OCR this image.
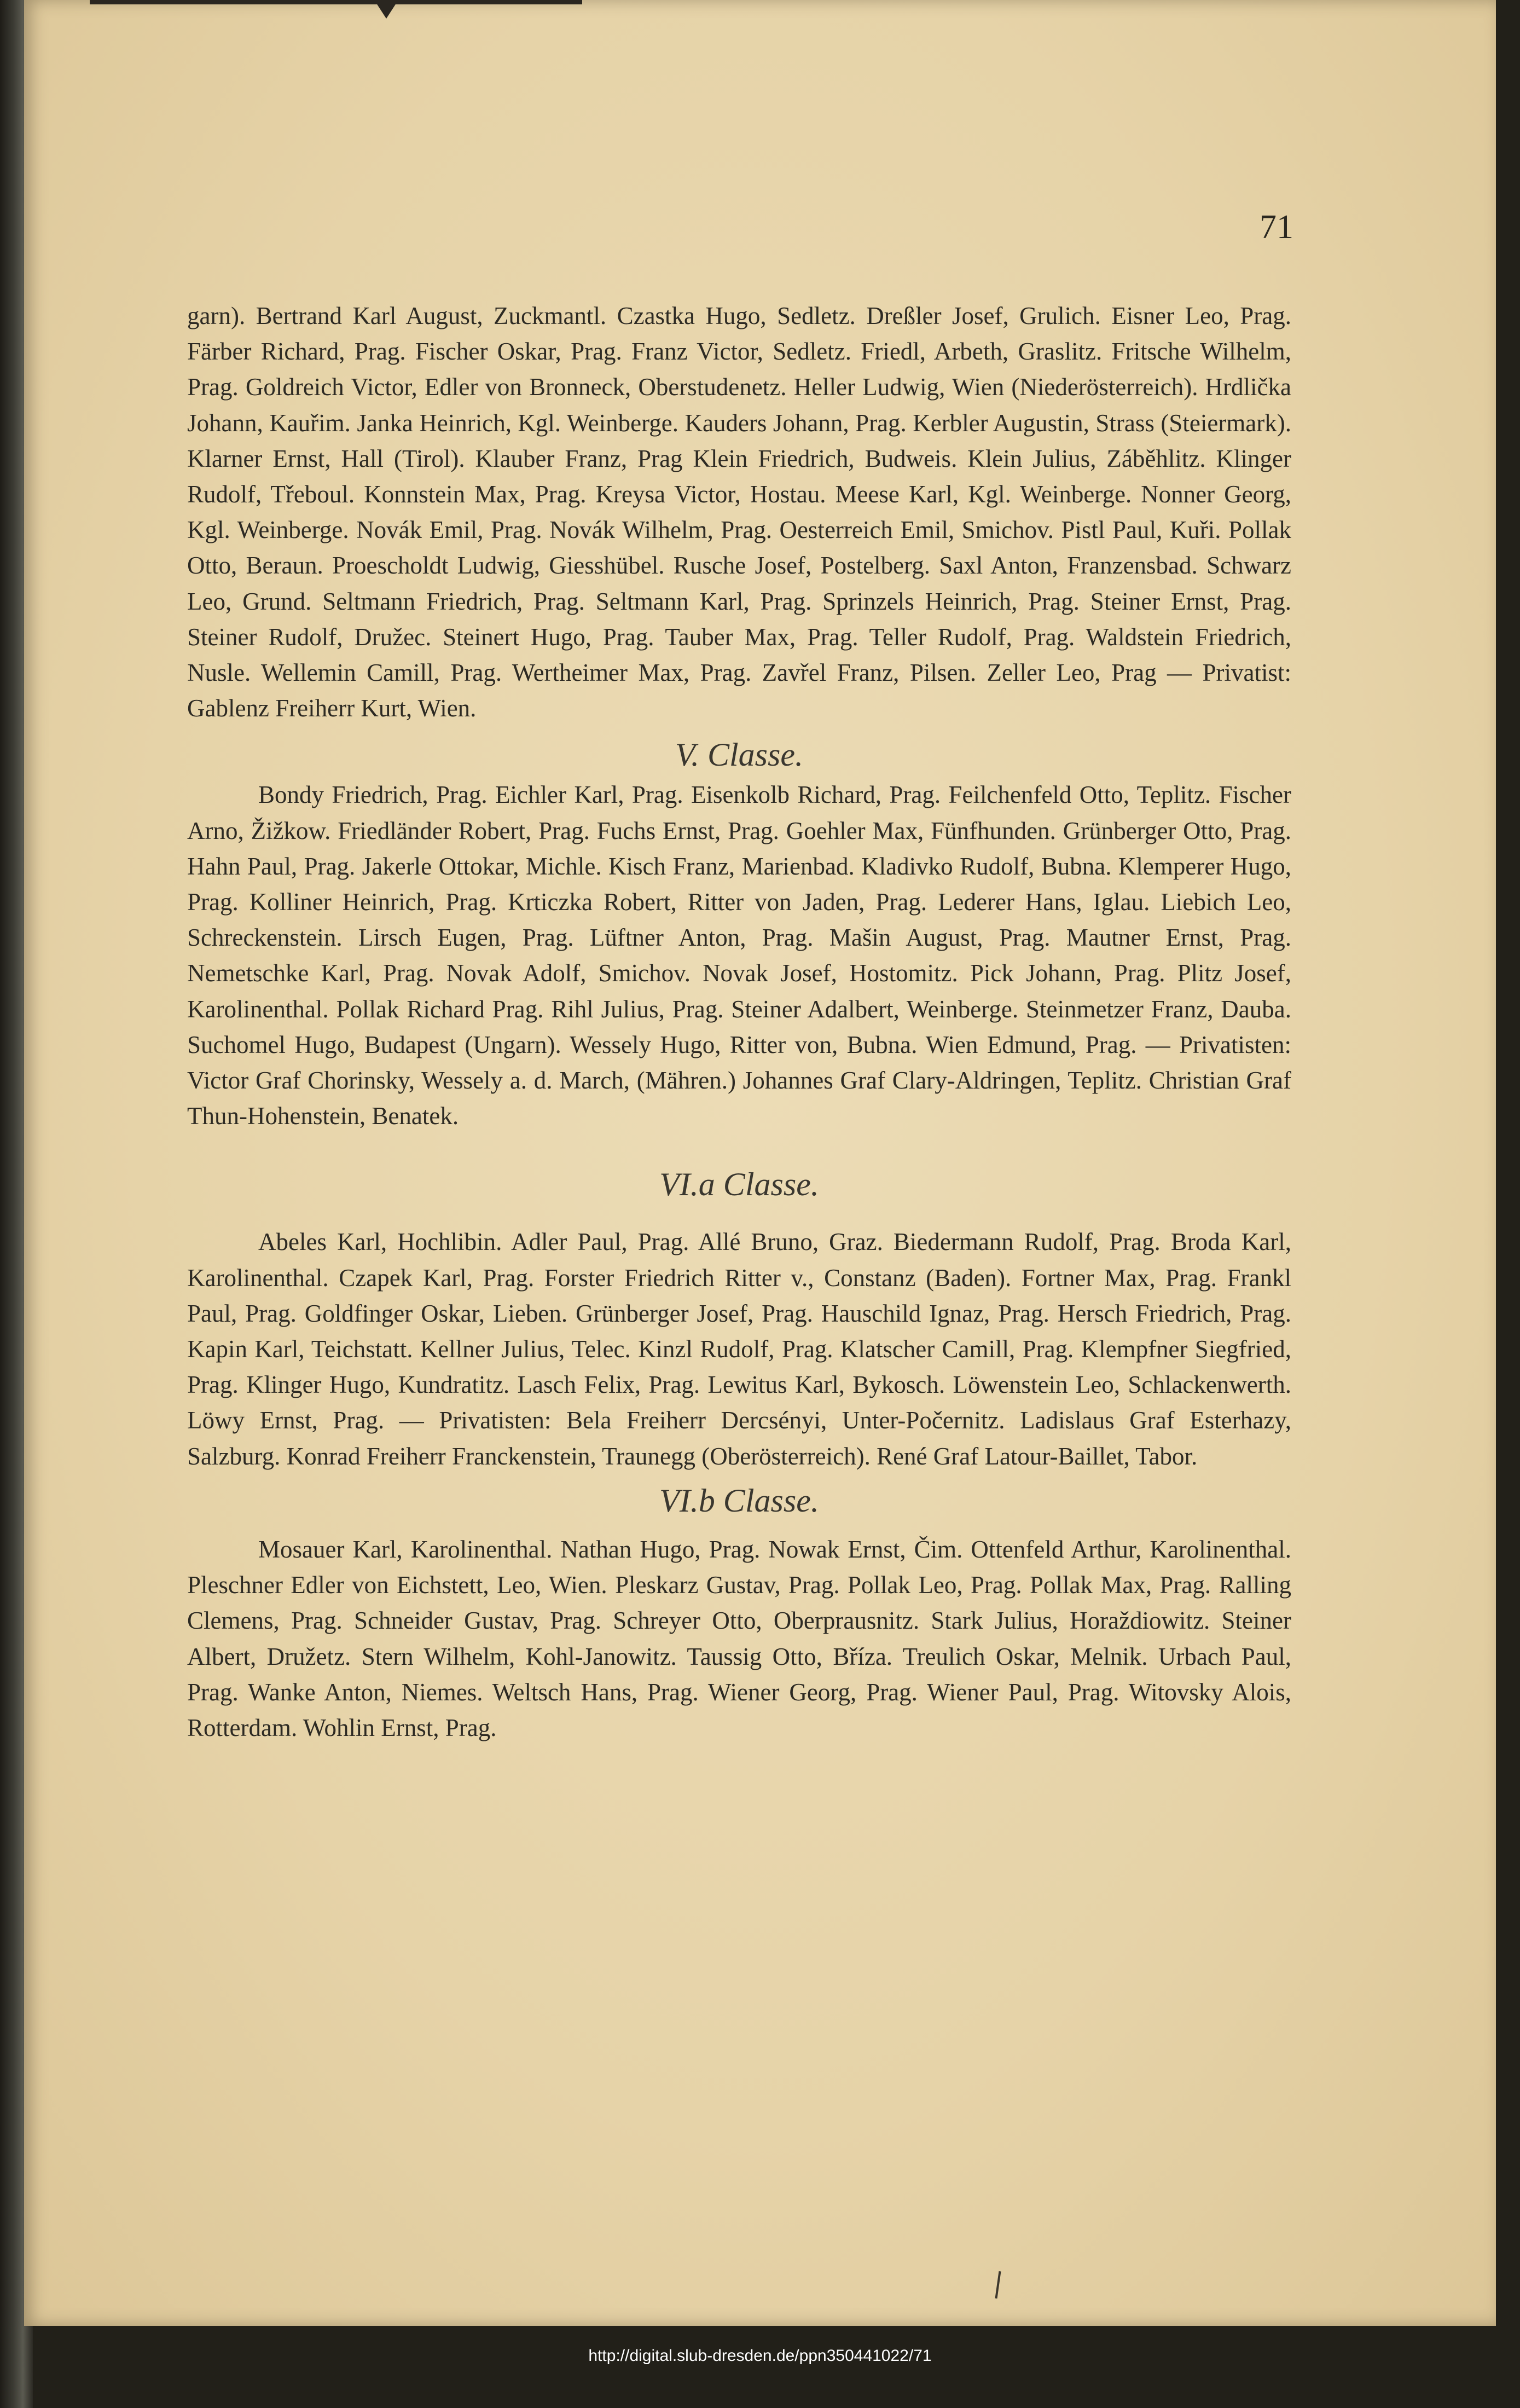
71

garn). Bertrand Karl August, Zuckmantl. Czastka Hugo, Sedletz. Dreßler Josef, Grulich. Eisner Leo, Prag. Färber Richard, Prag. Fischer Oskar, Prag. Franz Victor, Sedletz. Friedl, Arbeth, Graslitz. Fritsche Wilhelm, Prag. Goldreich Victor, Edler von Bronneck, Oberstudenetz. Heller Ludwig, Wien (Niederösterreich). Hrdlička Johann, Kauřim. Janka Heinrich, Kgl. Weinberge. Kauders Johann, Prag. Kerbler Augustin, Strass (Steiermark). Klarner Ernst, Hall (Tirol). Klauber Franz, Prag Klein Friedrich, Budweis. Klein Julius, Záběhlitz. Klinger Rudolf, Třeboul. Konnstein Max, Prag. Kreysa Victor, Hostau. Meese Karl, Kgl. Weinberge. Nonner Georg, Kgl. Weinberge. Novák Emil, Prag. Novák Wilhelm, Prag. Oesterreich Emil, Smichov. Pistl Paul, Kuři. Pollak Otto, Beraun. Proescholdt Ludwig, Giesshübel. Rusche Josef, Postelberg. Saxl Anton, Franzensbad. Schwarz Leo, Grund. Seltmann Friedrich, Prag. Seltmann Karl, Prag. Sprinzels Heinrich, Prag. Steiner Ernst, Prag. Steiner Rudolf, Družec. Steinert Hugo, Prag. Tauber Max, Prag. Teller Rudolf, Prag. Waldstein Friedrich, Nusle. Wellemin Camill, Prag. Wertheimer Max, Prag. Zavřel Franz, Pilsen. Zeller Leo, Prag — Privatist: Gablenz Freiherr Kurt, Wien.

V. Classe.

Bondy Friedrich, Prag. Eichler Karl, Prag. Eisenkolb Richard, Prag. Feilchenfeld Otto, Teplitz. Fischer Arno, Žižkow. Friedländer Robert, Prag. Fuchs Ernst, Prag. Goehler Max, Fünfhunden. Grünberger Otto, Prag. Hahn Paul, Prag. Jakerle Ottokar, Michle. Kisch Franz, Marienbad. Kladivko Rudolf, Bubna. Klemperer Hugo, Prag. Kolliner Heinrich, Prag. Krticzka Robert, Ritter von Jaden, Prag. Lederer Hans, Iglau. Liebich Leo, Schreckenstein. Lirsch Eugen, Prag. Lüftner Anton, Prag. Mašin August, Prag. Mautner Ernst, Prag. Nemetschke Karl, Prag. Novak Adolf, Smichov. Novak Josef, Hostomitz. Pick Johann, Prag. Plitz Josef, Karolinenthal. Pollak Richard Prag. Rihl Julius, Prag. Steiner Adalbert, Weinberge. Steinmetzer Franz, Dauba. Suchomel Hugo, Budapest (Ungarn). Wessely Hugo, Ritter von, Bubna. Wien Edmund, Prag. — Privatisten: Victor Graf Chorinsky, Wessely a. d. March, (Mähren.) Johannes Graf Clary-Aldringen, Teplitz. Christian Graf Thun-Hohenstein, Benatek.

VI.a Classe.

Abeles Karl, Hochlibin. Adler Paul, Prag. Allé Bruno, Graz. Biedermann Rudolf, Prag. Broda Karl, Karolinenthal. Czapek Karl, Prag. Forster Friedrich Ritter v., Constanz (Baden). Fortner Max, Prag. Frankl Paul, Prag. Goldfinger Oskar, Lieben. Grünberger Josef, Prag. Hauschild Ignaz, Prag. Hersch Friedrich, Prag. Kapin Karl, Teichstatt. Kellner Julius, Telec. Kinzl Rudolf, Prag. Klatscher Camill, Prag. Klempfner Siegfried, Prag. Klinger Hugo, Kundratitz. Lasch Felix, Prag. Lewitus Karl, Bykosch. Löwenstein Leo, Schlackenwerth. Löwy Ernst, Prag. — Privatisten: Bela Freiherr Dercsényi, Unter-Počernitz. Ladislaus Graf Esterhazy, Salzburg. Konrad Freiherr Franckenstein, Traunegg (Oberösterreich). René Graf Latour-Baillet, Tabor.

VI.b Classe.

Mosauer Karl, Karolinenthal. Nathan Hugo, Prag. Nowak Ernst, Čim. Ottenfeld Arthur, Karolinenthal. Pleschner Edler von Eichstett, Leo, Wien. Pleskarz Gustav, Prag. Pollak Leo, Prag. Pollak Max, Prag. Ralling Clemens, Prag. Schneider Gustav, Prag. Schreyer Otto, Oberprausnitz. Stark Julius, Horaždiowitz. Steiner Albert, Družetz. Stern Wilhelm, Kohl-Janowitz. Taussig Otto, Bříza. Treulich Oskar, Melnik. Urbach Paul, Prag. Wanke Anton, Niemes. Weltsch Hans, Prag. Wiener Georg, Prag. Wiener Paul, Prag. Witovsky Alois, Rotterdam. Wohlin Ernst, Prag.

http://digital.slub-dresden.de/ppn350441022/71
